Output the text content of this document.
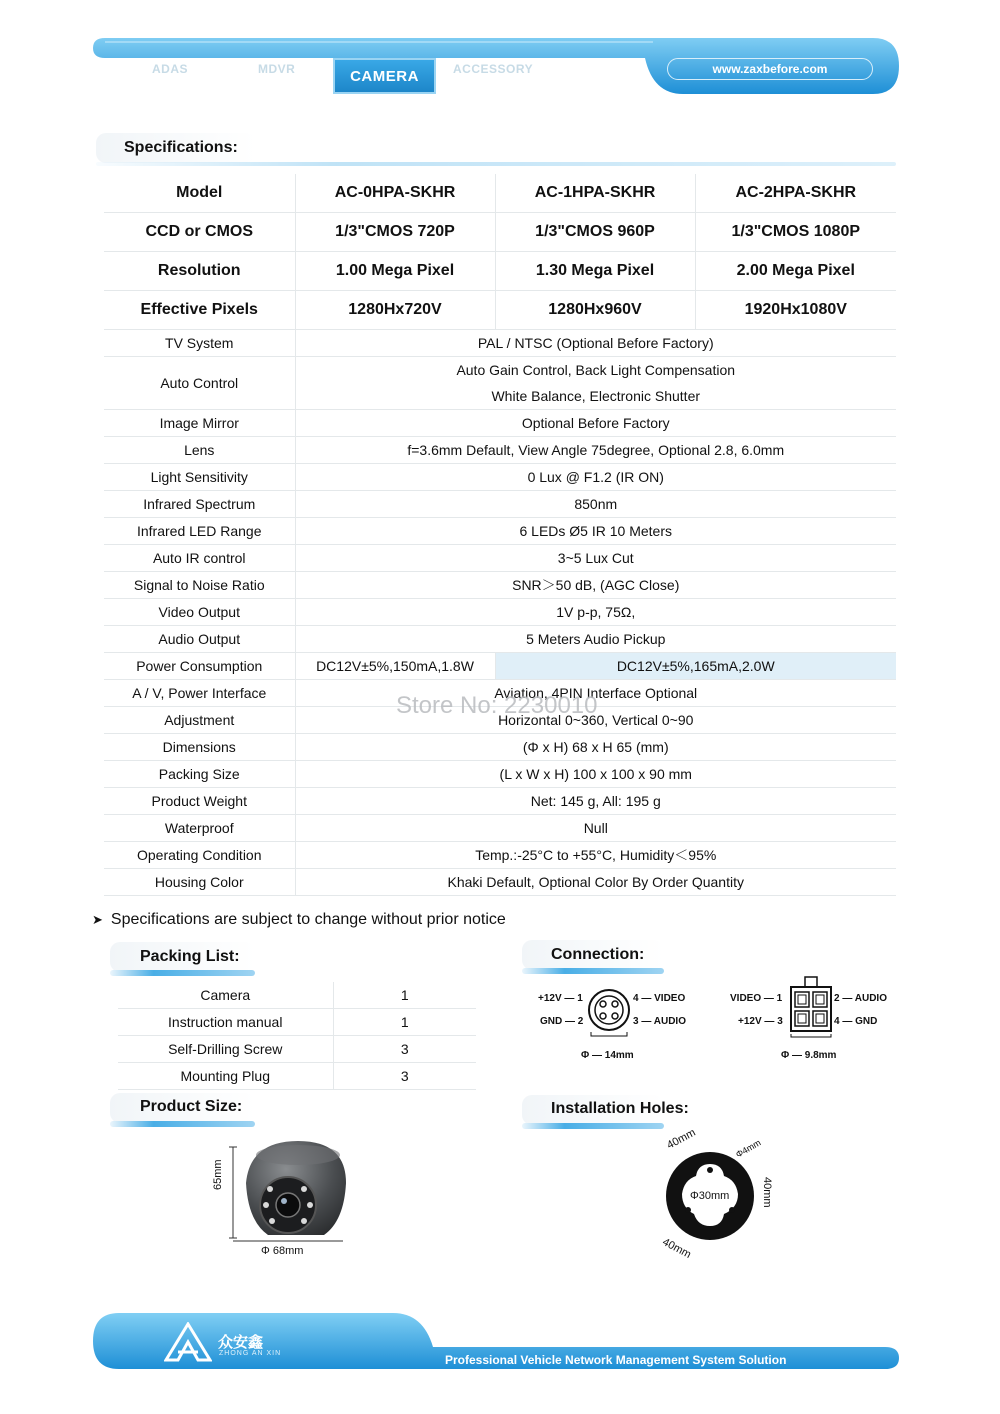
ADAS	MDVR	CAMERA	ACCESSORY	www.zaxbefore.com
Specifications:
Model	AC-0HPA-SKHR	AC-1HPA-SKHR	AC-2HPA-SKHR
CCD or CMOS	1/3"CMOS 720P	1/3"CMOS 960P	1/3"CMOS 1080P
Resolution	1.00 Mega Pixel	1.30 Mega Pixel	2.00 Mega Pixel
Effective Pixels	1280Hx720V	1280Hx960V	1920Hx1080V
TV System	PAL / NTSC (Optional Before Factory)		
Auto Control	Auto Gain Control, Back Light Compensation
White Balance, Electronic Shutter		

Image Mirror	Optional Before Factory		
Lens	f=3.6mm Default, View Angle 75degree, Optional 2.8, 6.0mm		
Light Sensitivity	0 Lux @ F1.2 (IR ON)		
Infrared Spectrum	850nm		
Infrared LED Range	6 LEDs Ø5 IR 10 Meters		
Auto IR control	3~5 Lux Cut		
Signal to Noise Ratio	SNR＞50 dB, (AGC Close)		
Video Output	1V p-p, 75Ω,		
Audio Output	5 Meters Audio Pickup		
Power Consumption	DC12V±5%,150mA,1.8W	DC12V±5%,165mA,2.0W	
A / V, Power Interface	Aviation, 4PIN Interface Optional		
Adjustment	Horizontal 0~360, Vertical 0~90		
Dimensions	(Φ x H) 68 x H 65 (mm)		
Packing Size	(L x W x H) 100 x 100 x 90 mm		
Product Weight	Net: 145 g, All: 195 g		
Waterproof	Null		
Operating Condition	Temp.:-25°C to +55°C, Humidity＜95%		
Housing Color	Khaki Default, Optional Color By Order Quantity		
Store No: 2230010
➤ Specifications are subject to change without prior notice
Packing List:
Camera	1
Instruction manual	1
Self-Drilling Screw	3
Mounting Plug	3
Connection:
+12V — 1
GND — 2
4 — VIDEO
3 — AUDIO
Φ — 14mm
VIDEO — 1
+12V — 3
2 — AUDIO
4 — GND
Φ — 9.8mm
Product Size:
65mm
Φ 68mm
Installation Holes:
40mm	Φ4mm
40mm
40mm
Φ30mm
众安鑫
ZHONG AN XIN	Professional Vehicle Network Management System Solution
